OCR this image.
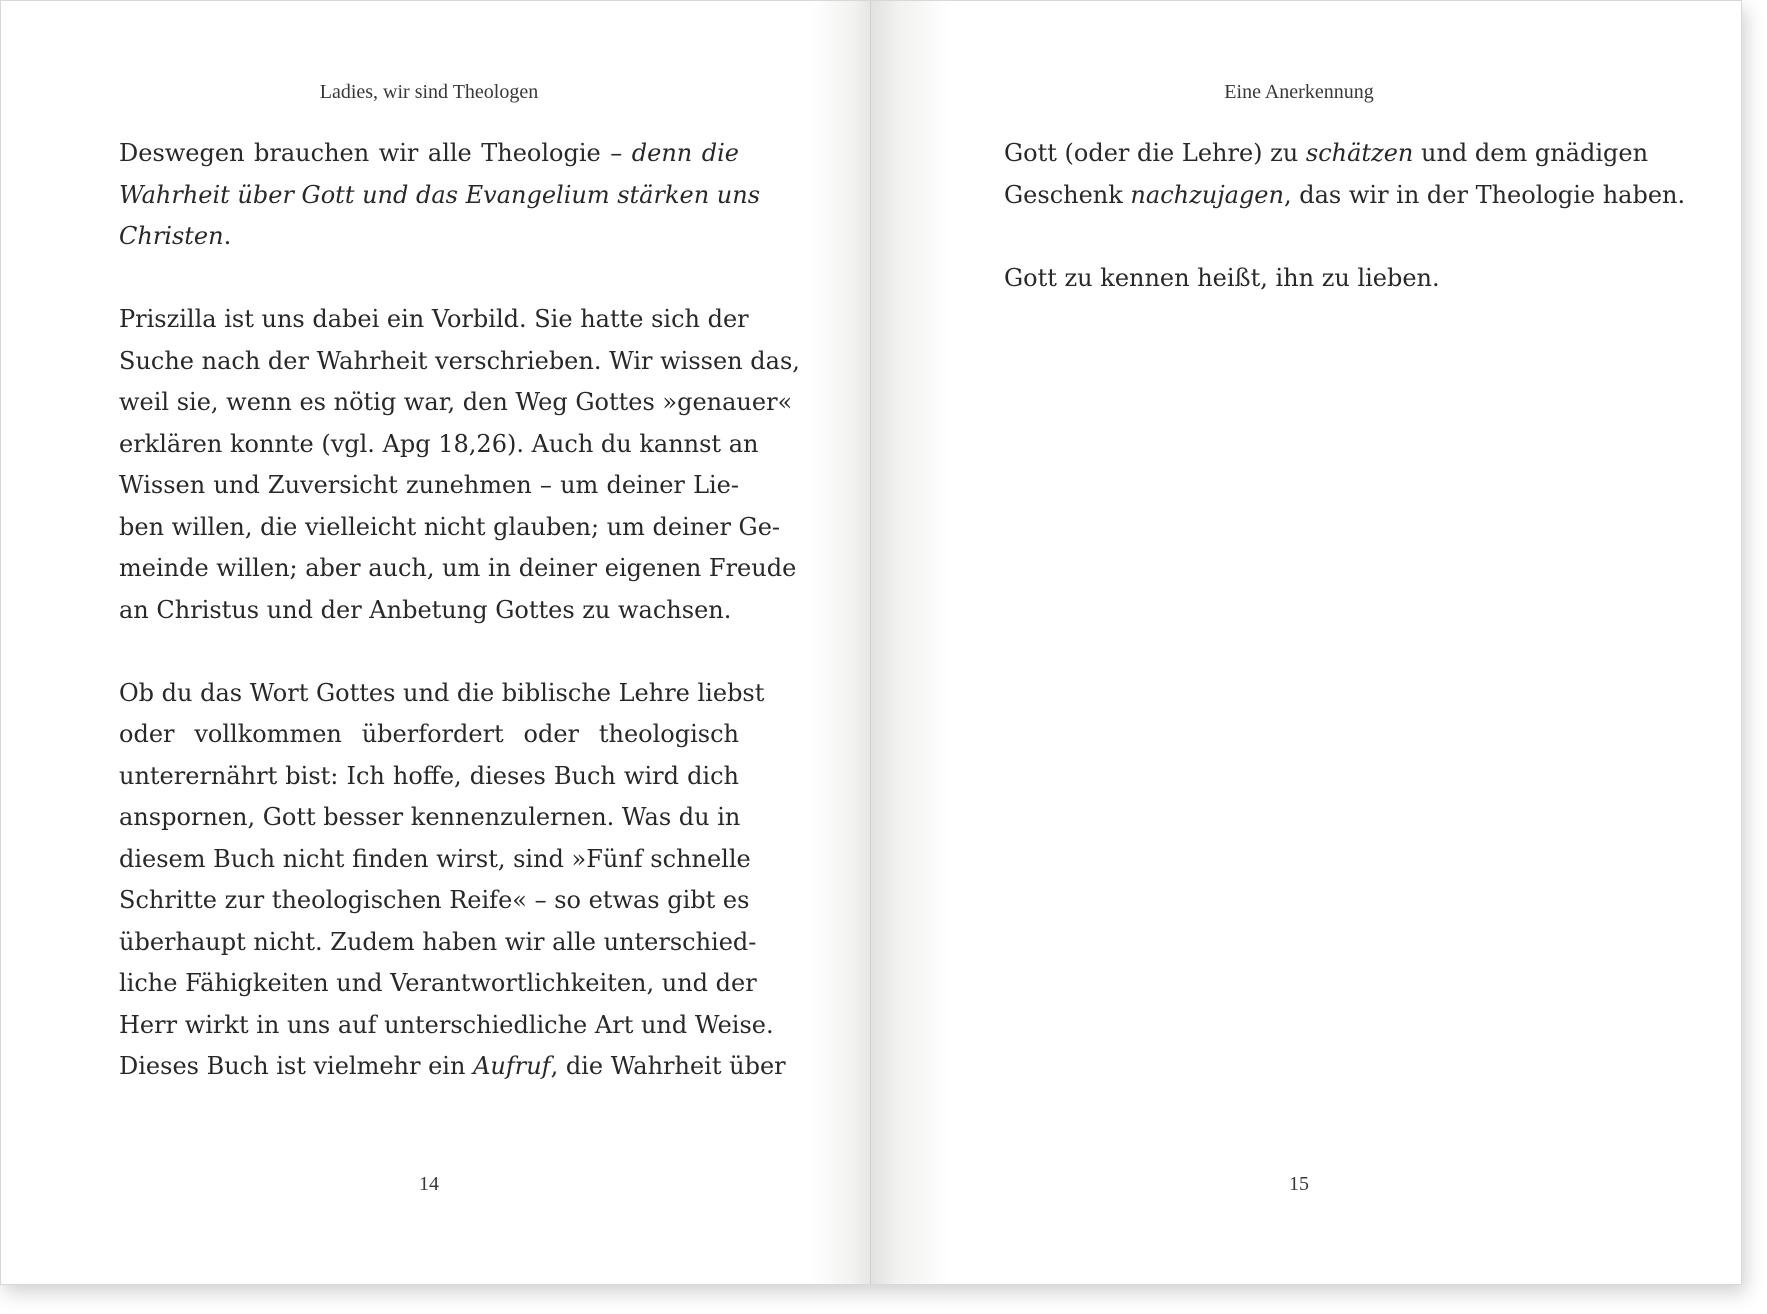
Ladies, wir sind Theologen

Deswegen brauchen wir alle Theologie – denn die
Wahrheit über Gott und das Evangelium stärken uns
Christen.

Priszilla ist uns dabei ein Vorbild. Sie hatte sich der
Suche nach der Wahrheit verschrieben. Wir wissen das,
weil sie, wenn es nötig war, den Weg Gottes »genauer«
erklären konnte (vgl. Apg 18,26). Auch du kannst an
Wissen und Zuversicht zunehmen – um deiner Lie-
ben willen, die vielleicht nicht glauben; um deiner Ge-
meinde willen; aber auch, um in deiner eigenen Freude
an Christus und der Anbetung Gottes zu wachsen.

Ob du das Wort Gottes und die biblische Lehre liebst
oder vollkommen überfordert oder theologisch
unterernährt bist: Ich hoffe, dieses Buch wird dich
anspornen, Gott besser kennenzulernen. Was du in
diesem Buch nicht finden wirst, sind »Fünf schnelle
Schritte zur theologischen Reife« – so etwas gibt es
überhaupt nicht. Zudem haben wir alle unterschied-
liche Fähigkeiten und Verantwortlichkeiten, und der
Herr wirkt in uns auf unterschiedliche Art und Weise.
Dieses Buch ist vielmehr ein Aufruf, die Wahrheit über

14
Eine Anerkennung

Gott (oder die Lehre) zu schätzen und dem gnädigen
Geschenk nachzujagen, das wir in der Theologie haben.

Gott zu kennen heißt, ihn zu lieben.

15
